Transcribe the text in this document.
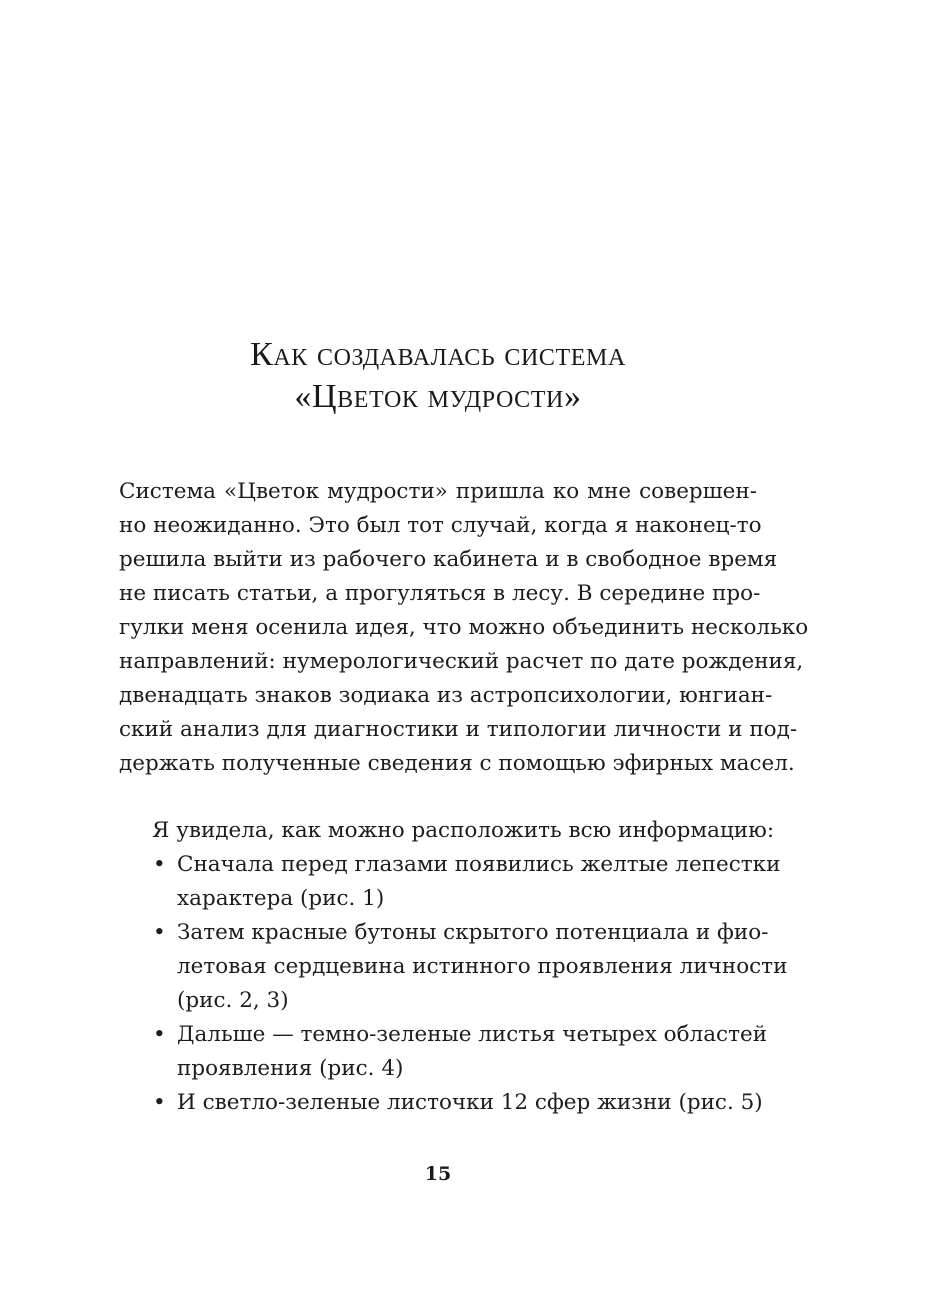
Как создавалась система
«Цветок мудрости»
Система «Цветок мудрости» пришла ко мне совершен-
но неожиданно. Это был тот случай, когда я наконец-то
решила выйти из рабочего кабинета и в свободное время
не писать статьи, а прогуляться в лесу. В середине про-
гулки меня осенила идея, что можно объединить несколько
направлений: нумерологический расчет по дате рождения,
двенадцать знаков зодиака из астропсихологии, юнгиан-
ский анализ для диагностики и типологии личности и под-
держать полученные сведения с помощью эфирных масел.
Я увидела, как можно расположить всю информацию:
• Сначала перед глазами появились желтые лепестки
характера (рис. 1)
• Затем красные бутоны скрытого потенциала и фио-
летовая сердцевина истинного проявления личности
(рис. 2, 3)
• Дальше — темно-зеленые листья четырех областей
проявления (рис. 4)
• И светло-зеленые листочки 12 сфер жизни (рис. 5)
15
